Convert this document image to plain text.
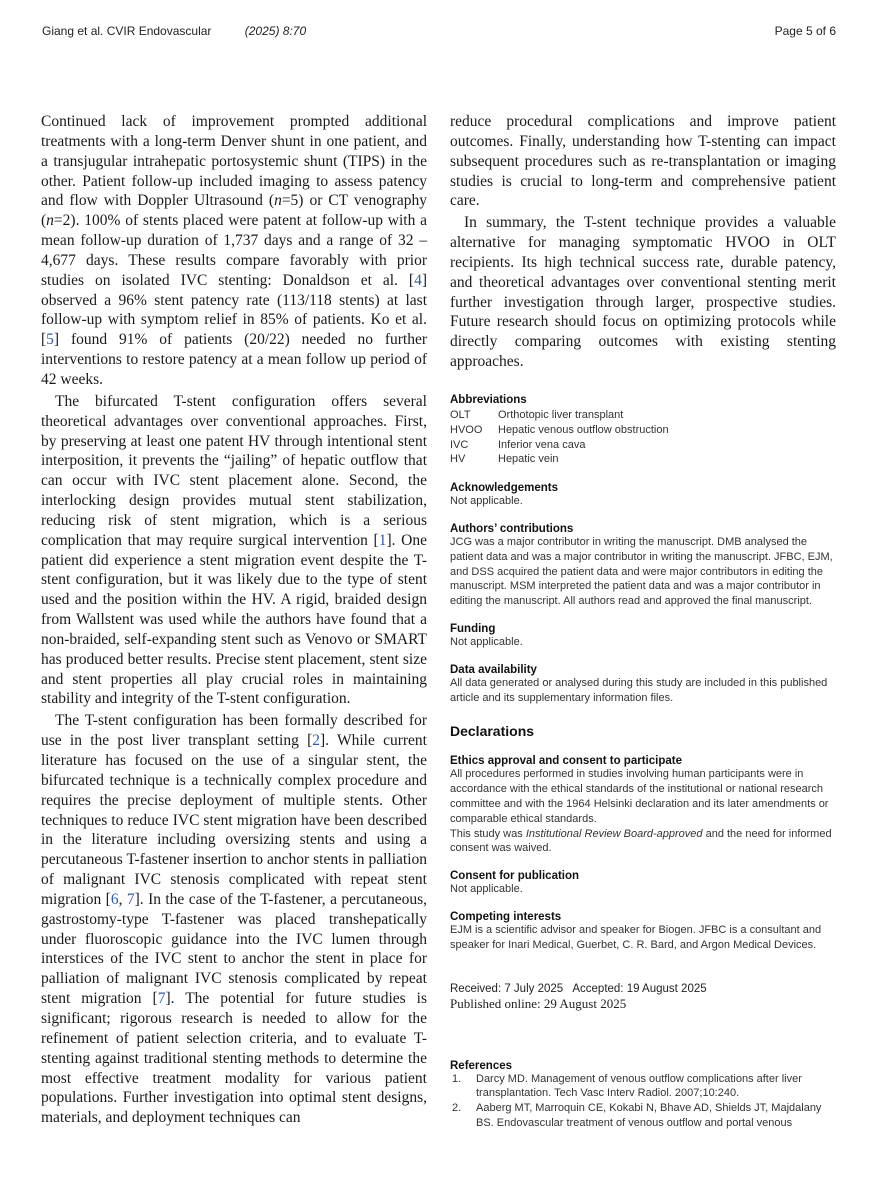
Giang et al. CVIR Endovascular	(2025) 8:70	Page 5 of 6

Continued lack of improvement prompted additional treatments with a long-term Denver shunt in one patient, and a transjugular intrahepatic portosystemic shunt (TIPS) in the other. Patient follow-up included imaging to assess patency and flow with Doppler Ultrasound (n=5) or CT venography (n=2). 100% of stents placed were patent at follow-up with a mean follow-up duration of 1,737 days and a range of 32 – 4,677 days. These results compare favorably with prior studies on isolated IVC stenting: Donaldson et al. [4] observed a 96% stent patency rate (113/118 stents) at last follow-up with symptom relief in 85% of patients. Ko et al. [5] found 91% of patients (20/22) needed no further interventions to restore patency at a mean follow up period of 42 weeks.

The bifurcated T-stent configuration offers several theoretical advantages over conventional approaches. First, by preserving at least one patent HV through intentional stent interposition, it prevents the “jailing” of hepatic outflow that can occur with IVC stent placement alone. Second, the interlocking design provides mutual stent stabilization, reducing risk of stent migration, which is a serious complication that may require surgical intervention [1]. One patient did experience a stent migration event despite the T-stent configuration, but it was likely due to the type of stent used and the position within the HV. A rigid, braided design from Wallstent was used while the authors have found that a non-braided, self-expanding stent such as Venovo or SMART has produced better results. Precise stent placement, stent size and stent properties all play crucial roles in maintaining stability and integrity of the T-stent configuration.

The T-stent configuration has been formally described for use in the post liver transplant setting [2]. While current literature has focused on the use of a singular stent, the bifurcated technique is a technically complex procedure and requires the precise deployment of multiple stents. Other techniques to reduce IVC stent migration have been described in the literature including oversizing stents and using a percutaneous T-fastener insertion to anchor stents in palliation of malignant IVC stenosis complicated with repeat stent migration [6, 7]. In the case of the T-fastener, a percutaneous, gastrostomy-type T-fastener was placed transhepatically under fluoroscopic guidance into the IVC lumen through interstices of the IVC stent to anchor the stent in place for palliation of malignant IVC stenosis complicated by repeat stent migration [7]. The potential for future studies is significant; rigorous research is needed to allow for the refinement of patient selection criteria, and to evaluate T-stenting against traditional stenting methods to determine the most effective treatment modality for various patient populations. Further investigation into optimal stent designs, materials, and deployment techniques can

reduce procedural complications and improve patient outcomes. Finally, understanding how T-stenting can impact subsequent procedures such as re-transplantation or imaging studies is crucial to long-term and comprehensive patient care.

In summary, the T-stent technique provides a valuable alternative for managing symptomatic HVOO in OLT recipients. Its high technical success rate, durable patency, and theoretical advantages over conventional stenting merit further investigation through larger, prospective studies. Future research should focus on optimizing protocols while directly comparing outcomes with existing stenting approaches.

Abbreviations

OLT	Orthotopic liver transplant
HVOO	Hepatic venous outflow obstruction
IVC	Inferior vena cava
HV	Hepatic vein

Acknowledgements

Not applicable.

Authors’ contributions

JCG was a major contributor in writing the manuscript. DMB analysed the patient data and was a major contributor in writing the manuscript. JFBC, EJM, and DSS acquired the patient data and were major contributors in editing the manuscript. MSM interpreted the patient data and was a major contributor in editing the manuscript. All authors read and approved the final manuscript.

Funding

Not applicable.

Data availability

All data generated or analysed during this study are included in this published article and its supplementary information files.

Declarations

Ethics approval and consent to participate

All procedures performed in studies involving human participants were in accordance with the ethical standards of the institutional or national research committee and with the 1964 Helsinki declaration and its later amendments or comparable ethical standards.

This study was Institutional Review Board-approved and the need for informed consent was waived.

Consent for publication

Not applicable.

Competing interests

EJM is a scientific advisor and speaker for Biogen. JFBC is a consultant and speaker for Inari Medical, Guerbet, C. R. Bard, and Argon Medical Devices.

Received: 7 July 2025 Accepted: 19 August 2025
Published online: 29 August 2025

References

1.	Darcy MD. Management of venous outflow complications after liver transplantation. Tech Vasc Interv Radiol. 2007;10:240.
2.	Aaberg MT, Marroquin CE, Kokabi N, Bhave AD, Shields JT, Majdalany BS. Endovascular treatment of venous outflow and portal venous
